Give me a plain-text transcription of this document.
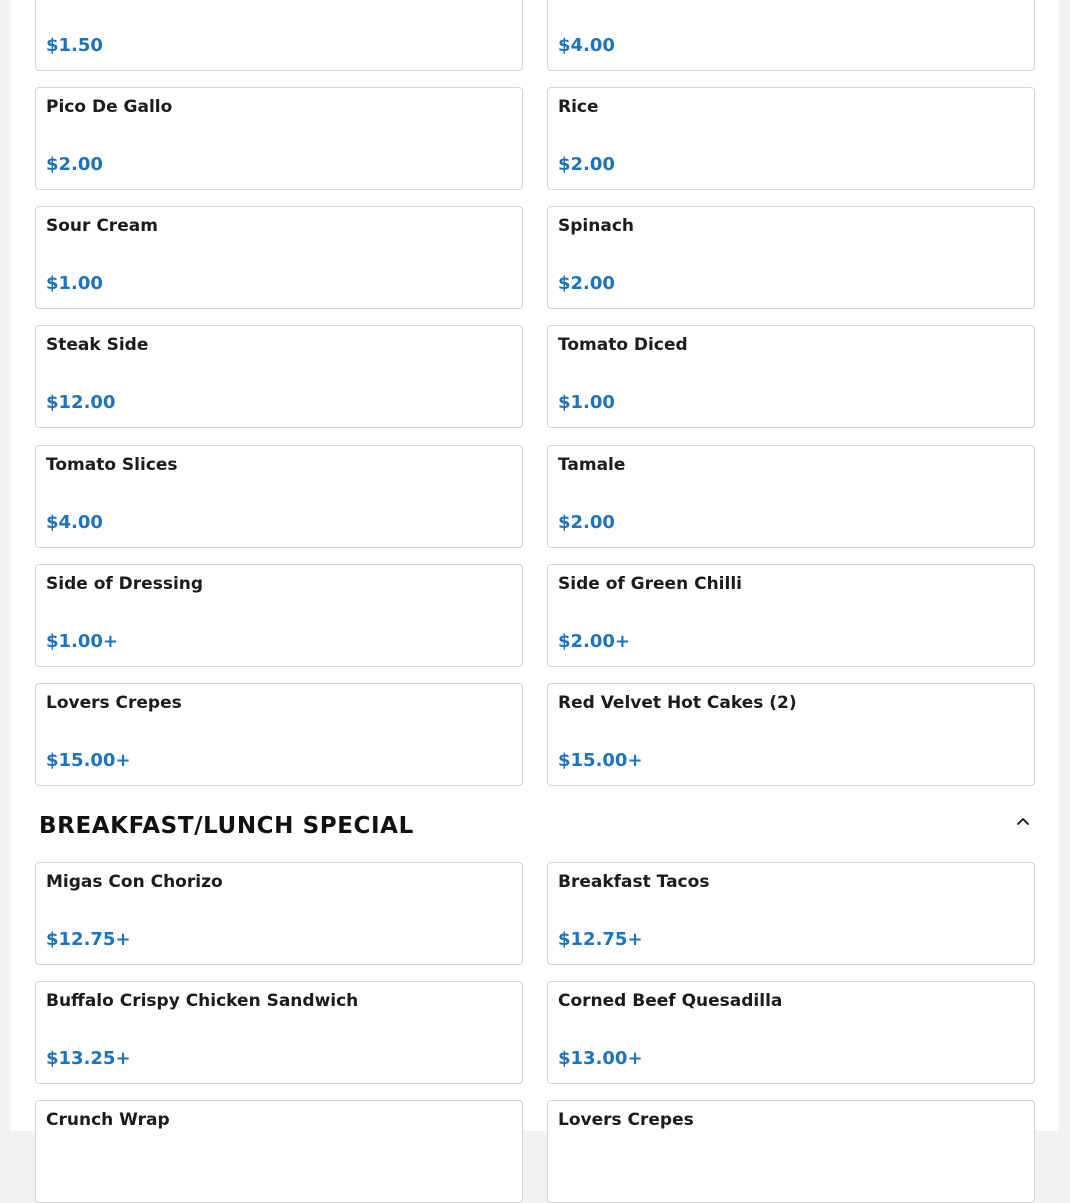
$1.50	$4.00
Pico De Gallo
$2.00
Rice
$2.00
Sour Cream
$1.00
Spinach
$2.00
Steak Side
$12.00
Tomato Diced
$1.00
Tomato Slices
$4.00
Tamale
$2.00
Side of Dressing
$1.00+
Side of Green Chilli
$2.00+
Lovers Crepes
$15.00+
Red Velvet Hot Cakes (2)
$15.00+
BREAKFAST/LUNCH SPECIAL
Migas Con Chorizo
$12.75+
Breakfast Tacos
$12.75+
Buffalo Crispy Chicken Sandwich
$13.25+
Corned Beef Quesadilla
$13.00+
Crunch Wrap	Lovers Crepes
